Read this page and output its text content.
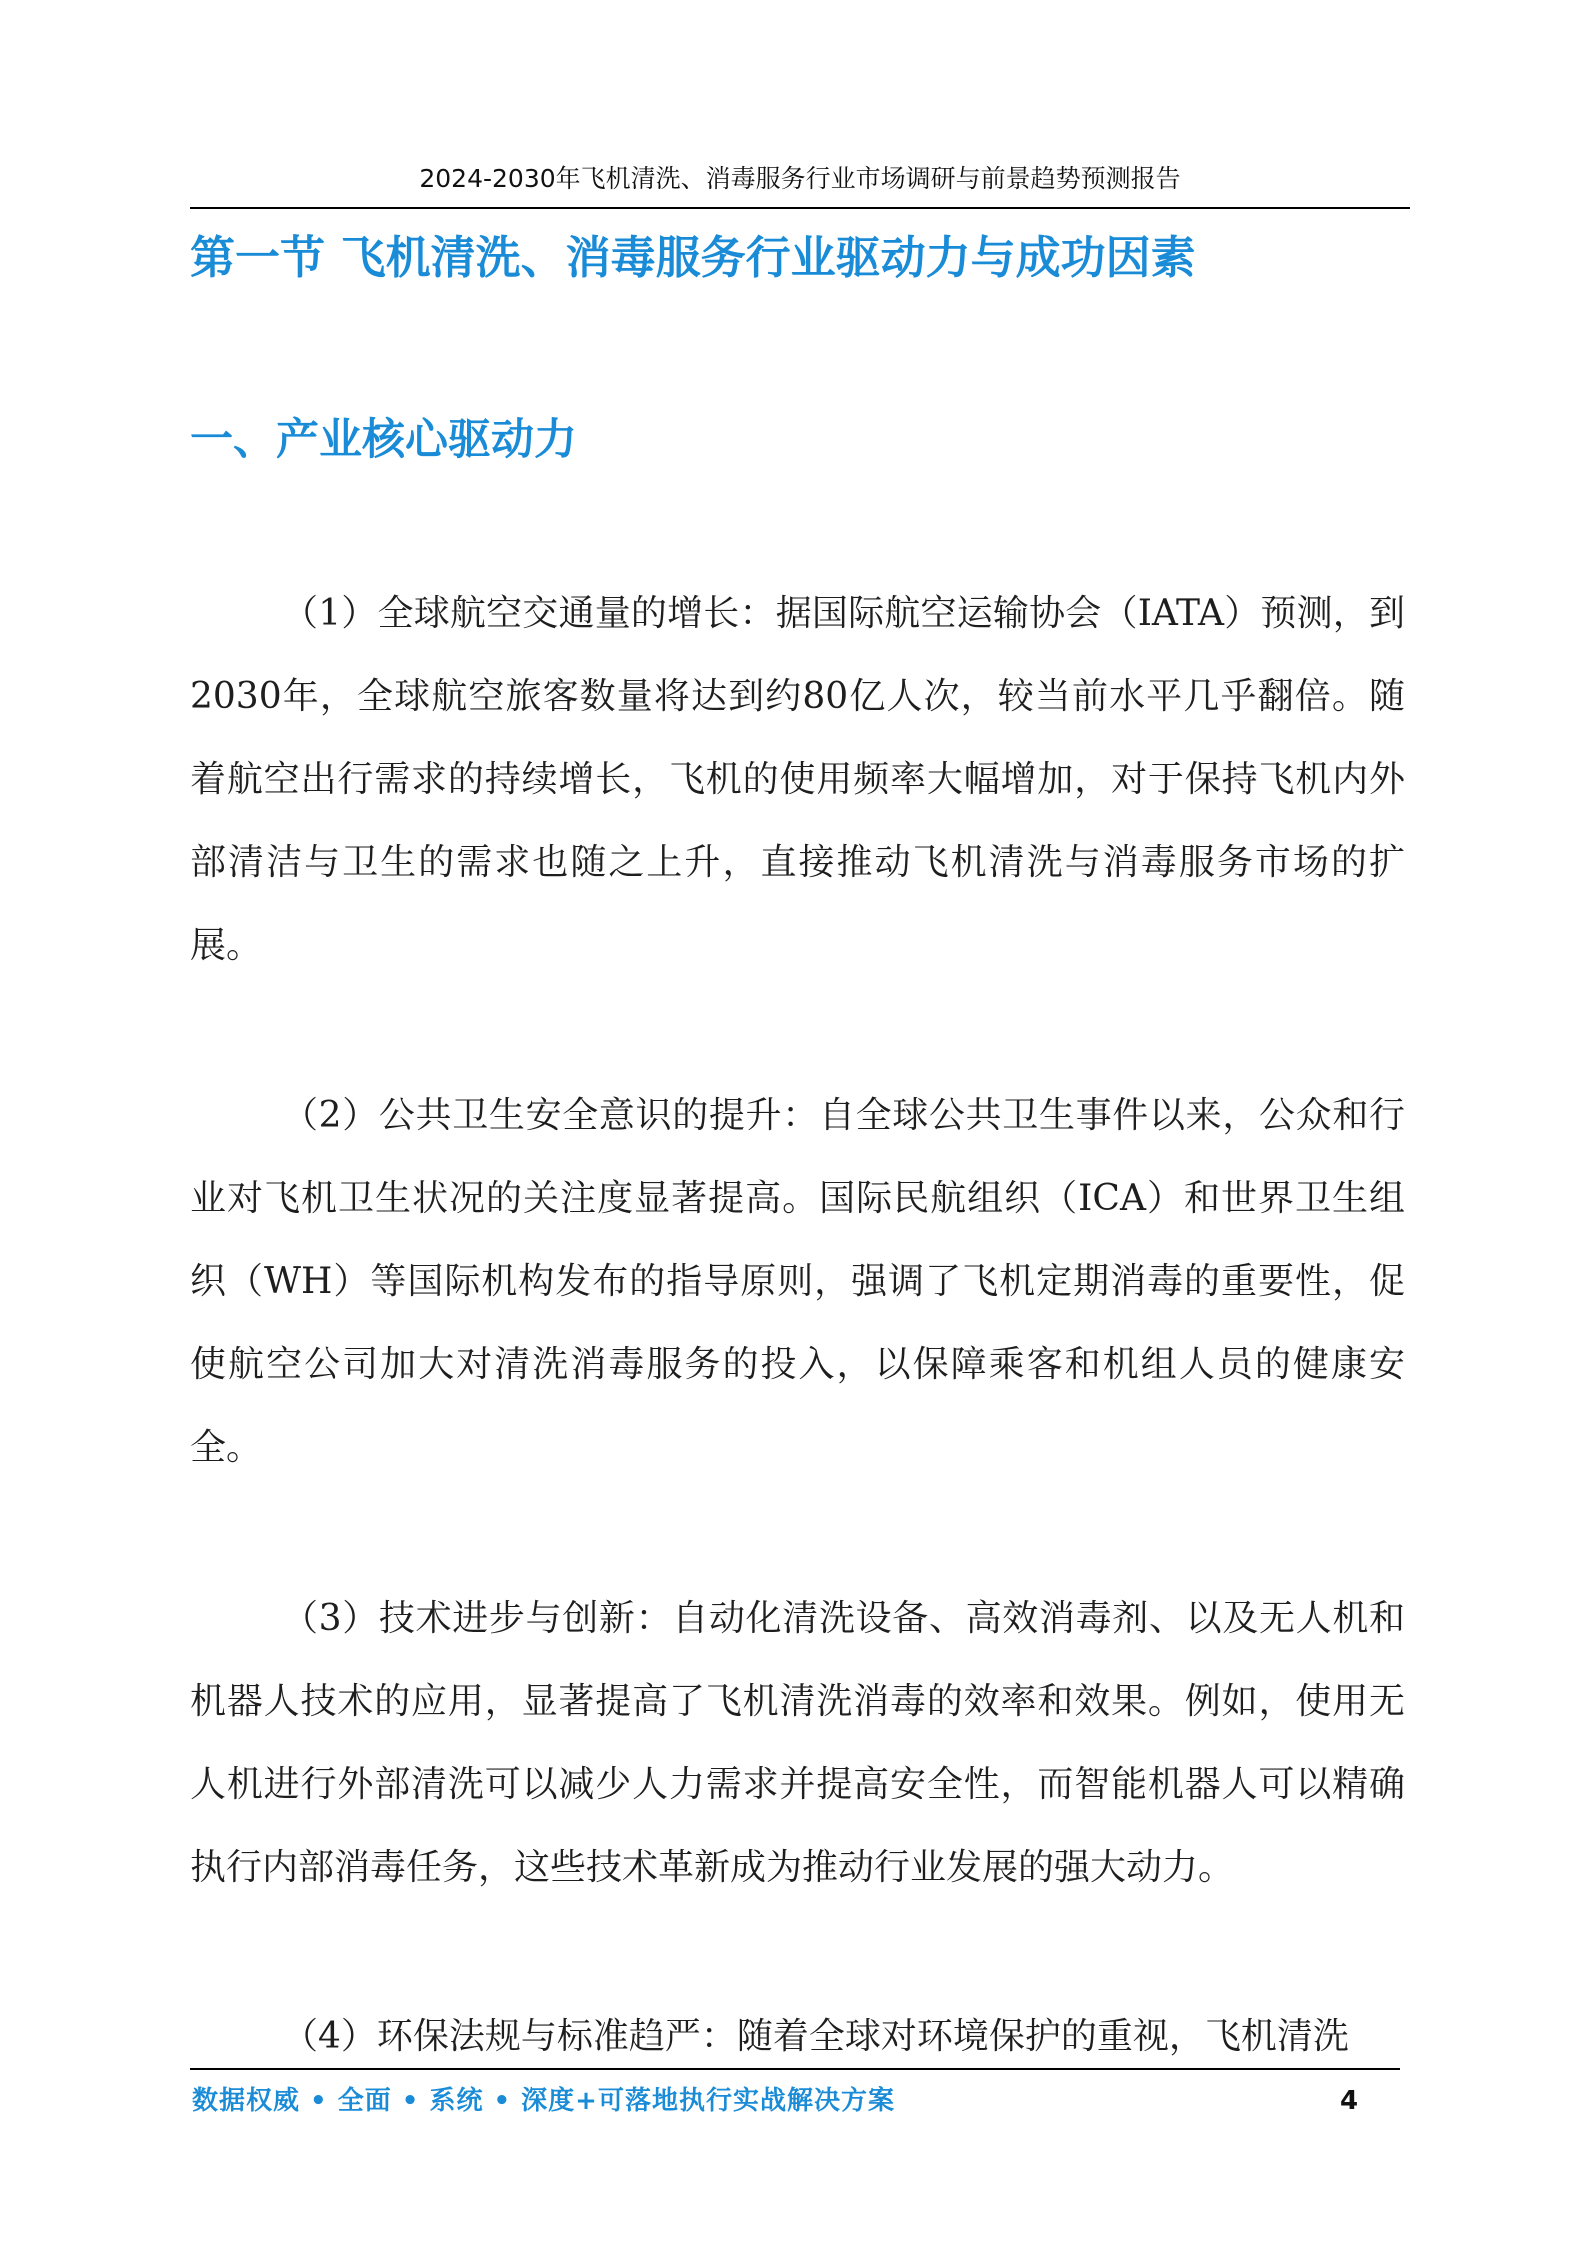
2024-2030年飞机清洗、消毒服务行业市场调研与前景趋势预测报告
第一节 飞机清洗、消毒服务行业驱动力与成功因素
一、产业核心驱动力

（1）全球航空交通量的增长：据国际航空运输协会（IATA）预测，到2030年，全球航空旅客数量将达到约80亿人次，较当前水平几乎翻倍。随着航空出行需求的持续增长，飞机的使用频率大幅增加，对于保持飞机内外部清洁与卫生的需求也随之上升，直接推动飞机清洗与消毒服务市场的扩展。

（2）公共卫生安全意识的提升：自全球公共卫生事件以来，公众和行业对飞机卫生状况的关注度显著提高。国际民航组织（ICA）和世界卫生组织（WH）等国际机构发布的指导原则，强调了飞机定期消毒的重要性，促使航空公司加大对清洗消毒服务的投入，以保障乘客和机组人员的健康安全。

（3）技术进步与创新：自动化清洗设备、高效消毒剂、以及无人机和机器人技术的应用，显著提高了飞机清洗消毒的效率和效果。例如，使用无人机进行外部清洗可以减少人力需求并提高安全性，而智能机器人可以精确执行内部消毒任务，这些技术革新成为推动行业发展的强大动力。

（4）环保法规与标准趋严：随着全球对环境保护的重视，飞机清洗

数据权威 • 全面 • 系统 • 深度+可落地执行实战解决方案	4
